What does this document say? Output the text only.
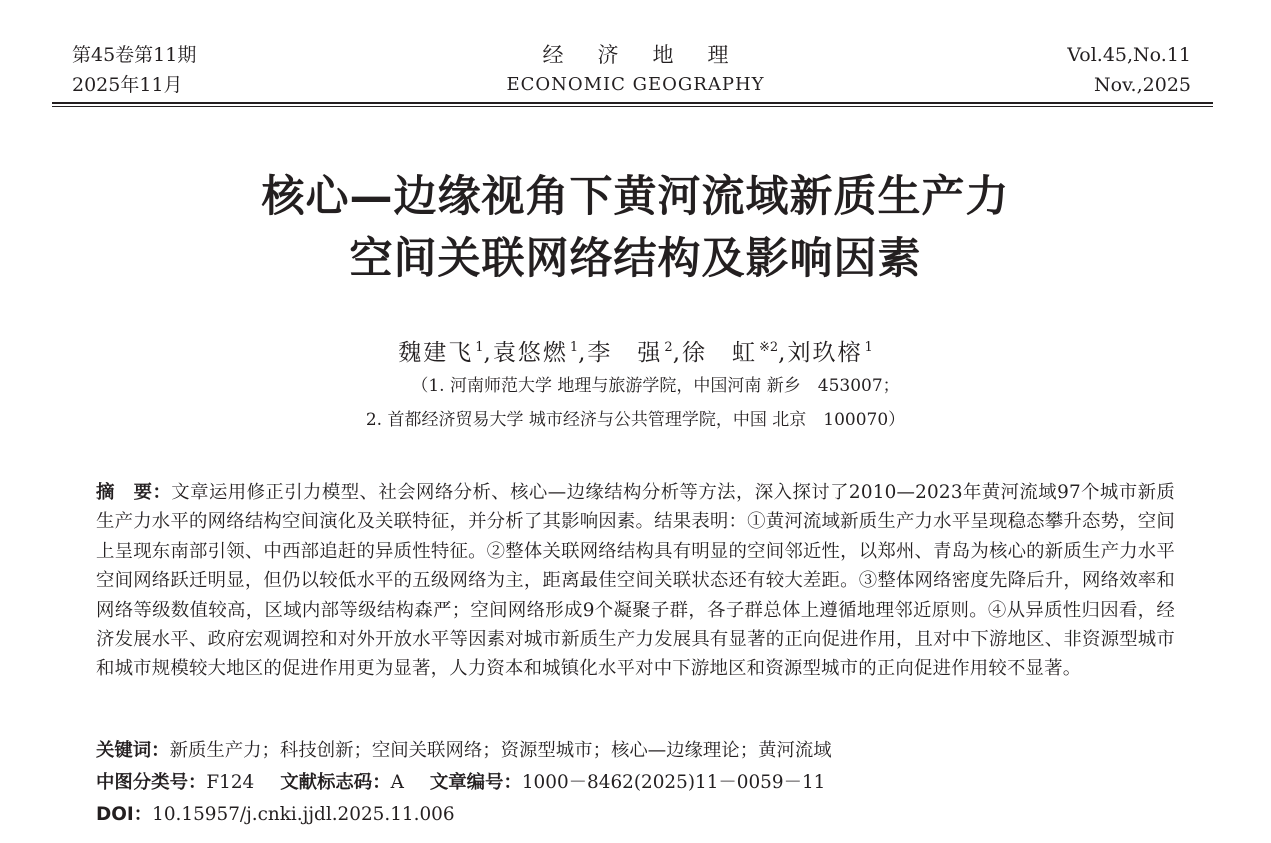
第45卷第11期
2025年11月
经济地理
ECONOMIC GEOGRAPHY
Vol.45,No.11
Nov.,2025
核心—边缘视角下黄河流域新质生产力
空间关联网络结构及影响因素
魏建飞 $^1$,袁悠燃 $^1$,李　强 $^2$,徐　虹 $^{※2}$,刘玖榕 $^1$
（1. 河南师范大学 地理与旅游学院，中国河南 新乡　453007；
2. 首都经济贸易大学 城市经济与公共管理学院，中国 北京　100070）
摘　要：文章运用修正引力模型、社会网络分析、核心—边缘结构分析等方法，深入探讨了2010—2023年黄河流域97个城市新质生产力水平的网络结构空间演化及关联特征，并分析了其影响因素。结果表明：①黄河流域新质生产力水平呈现稳态攀升态势，空间上呈现东南部引领、中西部追赶的异质性特征。②整体关联网络结构具有明显的空间邻近性，以郑州、青岛为核心的新质生产力水平空间网络跃迁明显，但仍以较低水平的五级网络为主，距离最佳空间关联状态还有较大差距。③整体网络密度先降后升，网络效率和网络等级数值较高，区域内部等级结构森严；空间网络形成9个凝聚子群，各子群总体上遵循地理邻近原则。④从异质性归因看，经济发展水平、政府宏观调控和对外开放水平等因素对城市新质生产力发展具有显著的正向促进作用，且对中下游地区、非资源型城市和城市规模较大地区的促进作用更为显著，人力资本和城镇化水平对中下游地区和资源型城市的正向促进作用较不显著。
关键词：新质生产力；科技创新；空间关联网络；资源型城市；核心—边缘理论；黄河流域
中图分类号：F124 文献标志码：A 文章编号：1000－8462(2025)11－0059－11
DOI：10.15957/j.cnki.jjdl.2025.11.006
